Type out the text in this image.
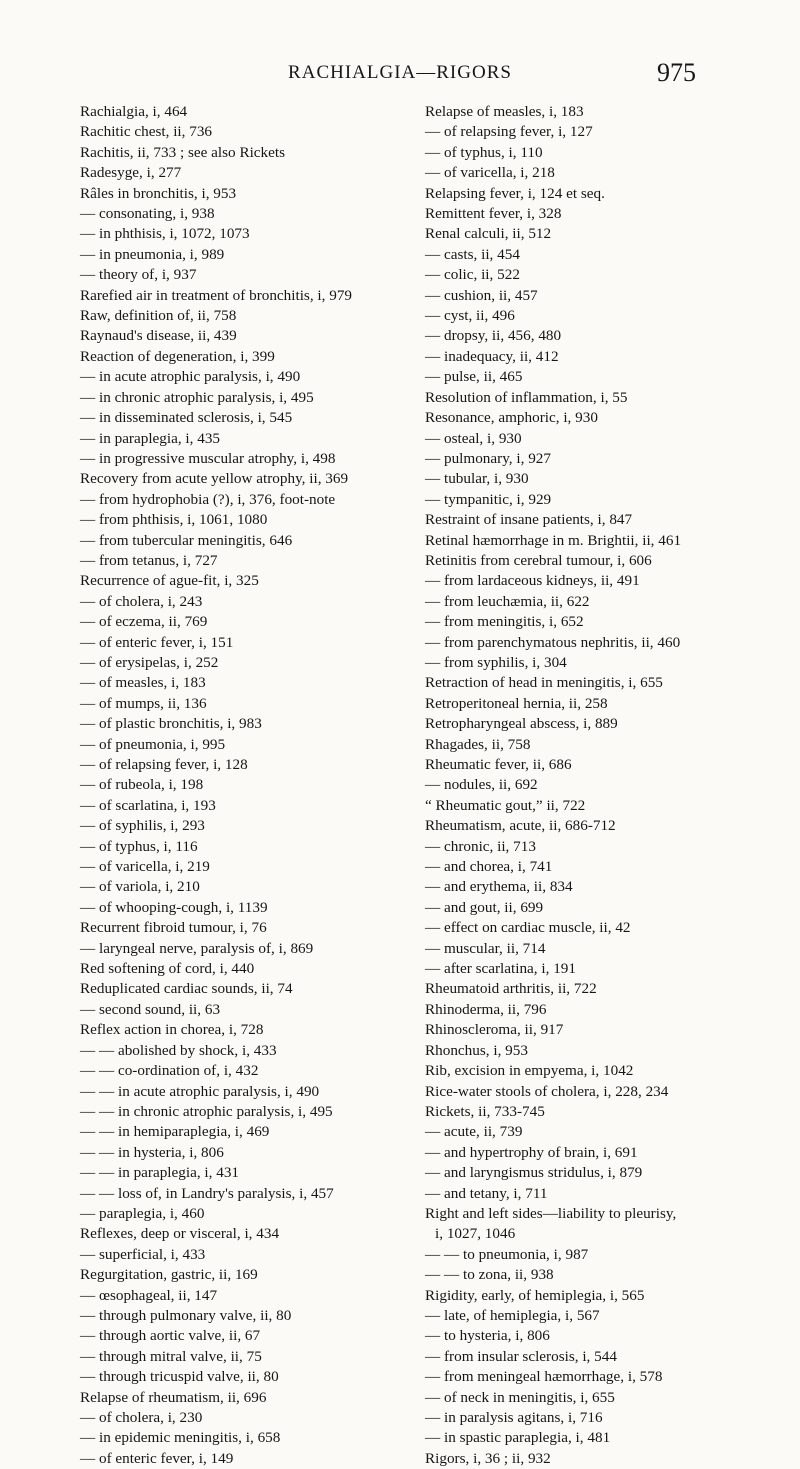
RACHIALGIA—RIGORS	975
Rachialgia, i, 464
Rachitic chest, ii, 736
Rachitis, ii, 733 ; see also Rickets
Radesyge, i, 277
Râles in bronchitis, i, 953
— consonating, i, 938
— in phthisis, i, 1072, 1073
— in pneumonia, i, 989
— theory of, i, 937
Rarefied air in treatment of bronchitis, i, 979
Raw, definition of, ii, 758
Raynaud's disease, ii, 439
Reaction of degeneration, i, 399
— in acute atrophic paralysis, i, 490
— in chronic atrophic paralysis, i, 495
— in disseminated sclerosis, i, 545
— in paraplegia, i, 435
— in progressive muscular atrophy, i, 498
Recovery from acute yellow atrophy, ii, 369
— from hydrophobia (?), i, 376, foot-note
— from phthisis, i, 1061, 1080
— from tubercular meningitis, 646
— from tetanus, i, 727
Recurrence of ague-fit, i, 325
— of cholera, i, 243
— of eczema, ii, 769
— of enteric fever, i, 151
— of erysipelas, i, 252
— of measles, i, 183
— of mumps, ii, 136
— of plastic bronchitis, i, 983
— of pneumonia, i, 995
— of relapsing fever, i, 128
— of rubeola, i, 198
— of scarlatina, i, 193
— of syphilis, i, 293
— of typhus, i, 116
— of varicella, i, 219
— of variola, i, 210
— of whooping-cough, i, 1139
Recurrent fibroid tumour, i, 76
— laryngeal nerve, paralysis of, i, 869
Red softening of cord, i, 440
Reduplicated cardiac sounds, ii, 74
— second sound, ii, 63
Reflex action in chorea, i, 728
— — abolished by shock, i, 433
— — co-ordination of, i, 432
— — in acute atrophic paralysis, i, 490
— — in chronic atrophic paralysis, i, 495
— — in hemiparaplegia, i, 469
— — in hysteria, i, 806
— — in paraplegia, i, 431
— — loss of, in Landry's paralysis, i, 457
— paraplegia, i, 460
Reflexes, deep or visceral, i, 434
— superficial, i, 433
Regurgitation, gastric, ii, 169
— œsophageal, ii, 147
— through pulmonary valve, ii, 80
— through aortic valve, ii, 67
— through mitral valve, ii, 75
— through tricuspid valve, ii, 80
Relapse of rheumatism, ii, 696
— of cholera, i, 230
— in epidemic meningitis, i, 658
— of enteric fever, i, 149
Relapse of measles, i, 183
— of relapsing fever, i, 127
— of typhus, i, 110
— of varicella, i, 218
Relapsing fever, i, 124 et seq.
Remittent fever, i, 328
Renal calculi, ii, 512
— casts, ii, 454
— colic, ii, 522
— cushion, ii, 457
— cyst, ii, 496
— dropsy, ii, 456, 480
— inadequacy, ii, 412
— pulse, ii, 465
Resolution of inflammation, i, 55
Resonance, amphoric, i, 930
— osteal, i, 930
— pulmonary, i, 927
— tubular, i, 930
— tympanitic, i, 929
Restraint of insane patients, i, 847
Retinal hæmorrhage in m. Brightii, ii, 461
Retinitis from cerebral tumour, i, 606
— from lardaceous kidneys, ii, 491
— from leuchæmia, ii, 622
— from meningitis, i, 652
— from parenchymatous nephritis, ii, 460
— from syphilis, i, 304
Retraction of head in meningitis, i, 655
Retroperitoneal hernia, ii, 258
Retropharyngeal abscess, i, 889
Rhagades, ii, 758
Rheumatic fever, ii, 686
— nodules, ii, 692
“ Rheumatic gout,” ii, 722
Rheumatism, acute, ii, 686-712
— chronic, ii, 713
— and chorea, i, 741
— and erythema, ii, 834
— and gout, ii, 699
— effect on cardiac muscle, ii, 42
— muscular, ii, 714
— after scarlatina, i, 191
Rheumatoid arthritis, ii, 722
Rhinoderma, ii, 796
Rhinoscleroma, ii, 917
Rhonchus, i, 953
Rib, excision in empyema, i, 1042
Rice-water stools of cholera, i, 228, 234
Rickets, ii, 733-745
— acute, ii, 739
— and hypertrophy of brain, i, 691
— and laryngismus stridulus, i, 879
— and tetany, i, 711
Right and left sides—liability to pleurisy,
i, 1027, 1046
— — to pneumonia, i, 987
— — to zona, ii, 938
Rigidity, early, of hemiplegia, i, 565
— late, of hemiplegia, i, 567
— to hysteria, i, 806
— from insular sclerosis, i, 544
— from meningeal hæmorrhage, i, 578
— of neck in meningitis, i, 655
— in paralysis agitans, i, 716
— in spastic paraplegia, i, 481
Rigors, i, 36 ; ii, 932
